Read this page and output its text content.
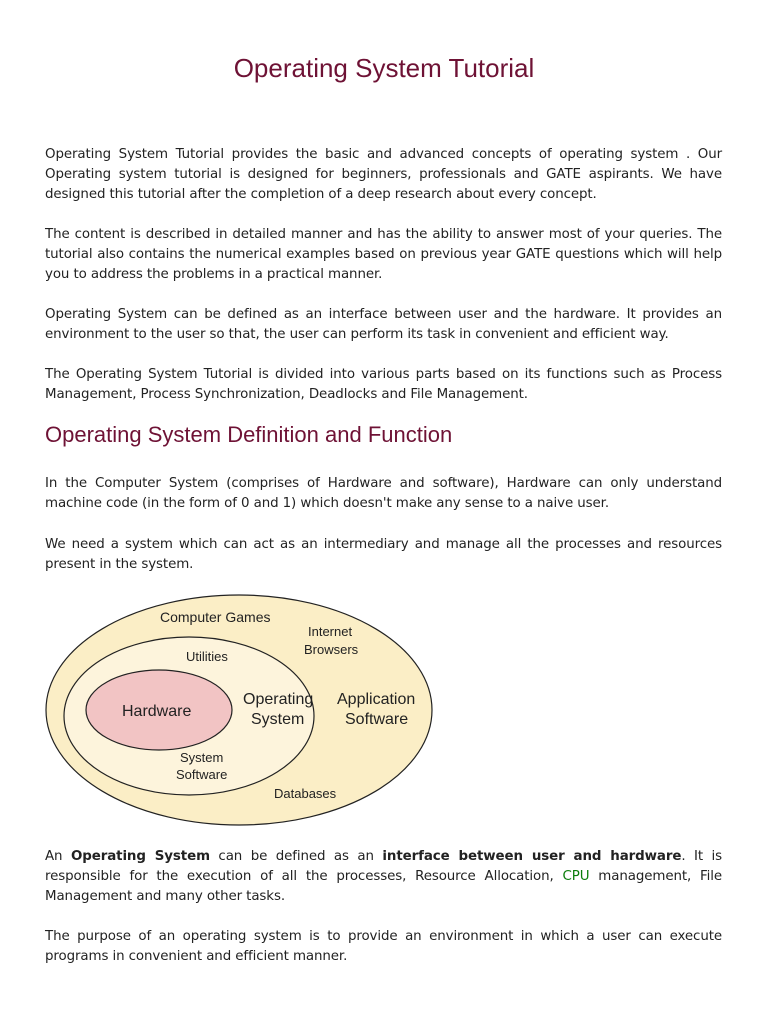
Operating System Tutorial

Operating System Tutorial provides the basic and advanced concepts of operating system . Our Operating system tutorial is designed for beginners, professionals and GATE aspirants. We have designed this tutorial after the completion of a deep research about every concept.

The content is described in detailed manner and has the ability to answer most of your queries. The tutorial also contains the numerical examples based on previous year GATE questions which will help you to address the problems in a practical manner.

Operating System can be defined as an interface between user and the hardware. It provides an environment to the user so that, the user can perform its task in convenient and efficient way.

The Operating System Tutorial is divided into various parts based on its functions such as Process Management, Process Synchronization, Deadlocks and File Management.

Operating System Definition and Function

In the Computer System (comprises of Hardware and software), Hardware can only understand machine code (in the form of 0 and 1) which doesn't make any sense to a naive user.

We need a system which can act as an intermediary and manage all the processes and resources present in the system.

Computer Games
Internet
Browsers
Utilities
Hardware
Operating
System
Application
Software
System
Software
Databases

An Operating System can be defined as an interface between user and hardware. It is responsible for the execution of all the processes, Resource Allocation, CPU management, File Management and many other tasks.

The purpose of an operating system is to provide an environment in which a user can execute programs in convenient and efficient manner.
